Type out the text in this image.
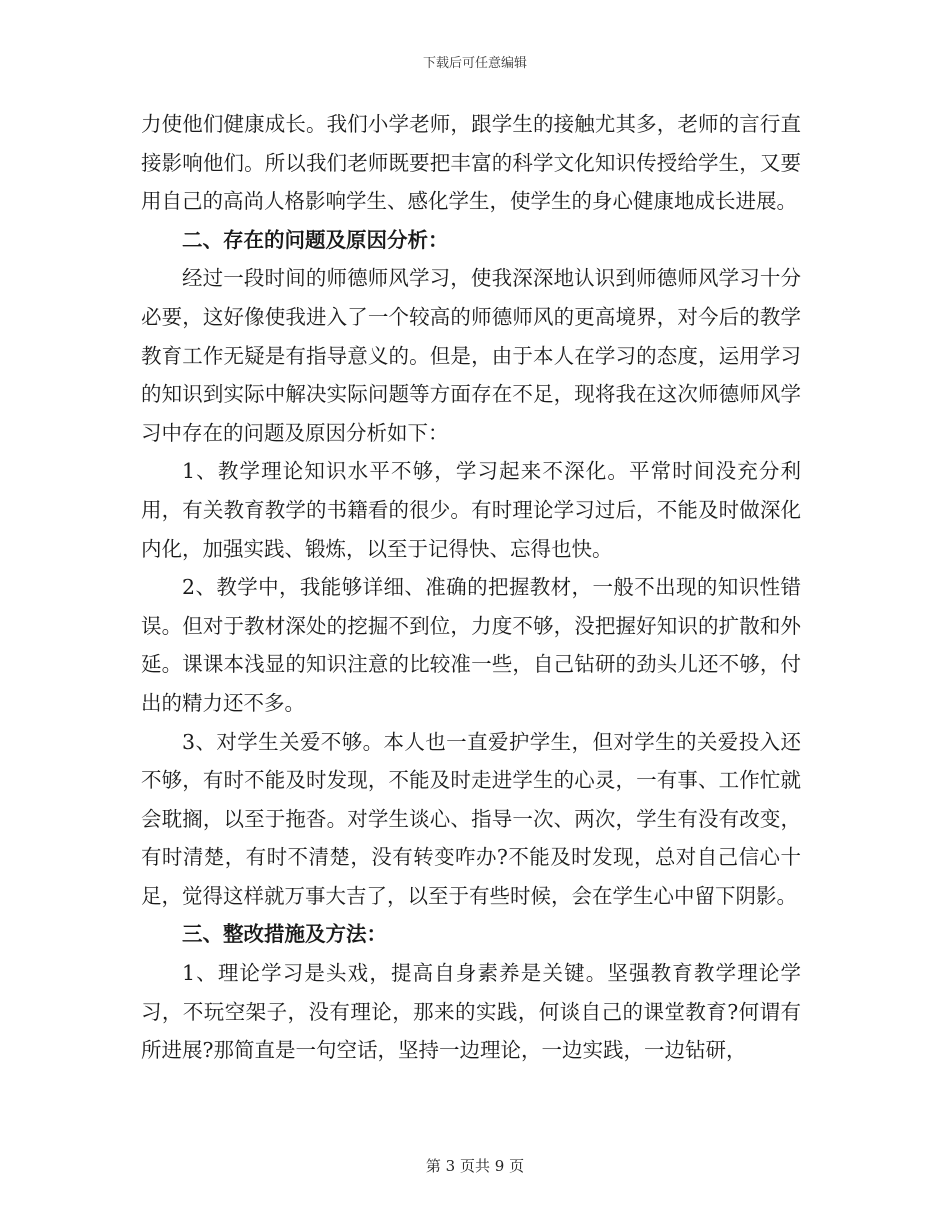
下载后可任意编辑

力使他们健康成长。我们小学老师，跟学生的接触尤其多，老师的言行直接影响他们。所以我们老师既要把丰富的科学文化知识传授给学生，又要用自己的高尚人格影响学生、感化学生，使学生的身心健康地成长进展。

二、存在的问题及原因分析：

经过一段时间的师德师风学习，使我深深地认识到师德师风学习十分必要，这好像使我进入了一个较高的师德师风的更高境界，对今后的教学教育工作无疑是有指导意义的。但是，由于本人在学习的态度，运用学习的知识到实际中解决实际问题等方面存在不足，现将我在这次师德师风学习中存在的问题及原因分析如下：

1、教学理论知识水平不够，学习起来不深化。平常时间没充分利用，有关教育教学的书籍看的很少。有时理论学习过后，不能及时做深化内化，加强实践、锻炼，以至于记得快、忘得也快。

2、教学中，我能够详细、准确的把握教材，一般不出现的知识性错误。但对于教材深处的挖掘不到位，力度不够，没把握好知识的扩散和外延。课课本浅显的知识注意的比较准一些，自己钻研的劲头儿还不够，付出的精力还不多。

3、对学生关爱不够。本人也一直爱护学生，但对学生的关爱投入还不够，有时不能及时发现，不能及时走进学生的心灵，一有事、工作忙就会耽搁，以至于拖沓。对学生谈心、指导一次、两次，学生有没有改变，有时清楚，有时不清楚，没有转变咋办?不能及时发现，总对自己信心十足，觉得这样就万事大吉了，以至于有些时候，会在学生心中留下阴影。

三、整改措施及方法：

1、理论学习是头戏，提高自身素养是关键。坚强教育教学理论学习，不玩空架子，没有理论，那来的实践，何谈自己的课堂教育?何谓有所进展?那简直是一句空话，坚持一边理论，一边实践，一边钻研，

第 3 页共 9 页
